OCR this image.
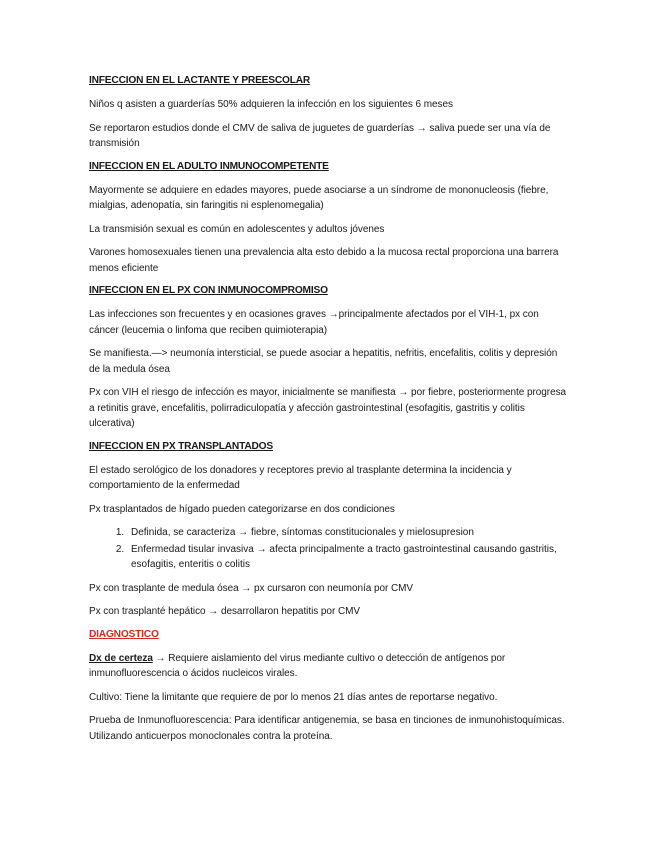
INFECCION EN EL LACTANTE Y PREESCOLAR
Niños q asisten a guarderías 50% adquieren la infección en los siguientes 6 meses
Se reportaron estudios donde el CMV de saliva de juguetes de guarderías → saliva puede ser una vía de transmisión
INFECCION EN EL ADULTO INMUNOCOMPETENTE
Mayormente se adquiere en edades mayores, puede asociarse a un síndrome de mononucleosis (fiebre, mialgias, adenopatía, sin faringitis ni esplenomegalia)
La transmisión sexual es común en adolescentes y adultos jóvenes
Varones homosexuales tienen una prevalencia alta esto debido a la mucosa rectal proporciona una barrera menos eficiente
INFECCION EN EL PX CON INMUNOCOMPROMISO
Las infecciones son frecuentes y en ocasiones graves →principalmente afectados por el VIH-1, px con cáncer (leucemia o linfoma que reciben quimioterapia)
Se manifiesta.—> neumonía intersticial, se puede asociar a hepatitis, nefritis, encefalitis, colitis y depresión de la medula ósea
Px con VIH el riesgo de infección es mayor, inicialmente se manifiesta → por fiebre, posteriormente progresa a retinitis grave, encefalitis, polirradiculopatía y afección gastrointestinal (esofagitis, gastritis y colitis ulcerativa)
INFECCION EN PX TRANSPLANTADOS
El estado serológico de los donadores y receptores previo al trasplante determina la incidencia y comportamiento de la enfermedad
Px trasplantados de hígado pueden categorizarse en dos condiciones
1. Definida, se caracteriza → fiebre, síntomas constitucionales y mielosupresion
2. Enfermedad tisular invasiva → afecta principalmente a tracto gastrointestinal causando gastritis, esofagitis, enteritis o colitis
Px con trasplante de medula ósea → px cursaron con neumonía por CMV
Px con trasplanté hepático → desarrollaron hepatitis por CMV
DIAGNOSTICO
Dx de certeza → Requiere aislamiento del virus mediante cultivo o detección de antígenos por inmunofluorescencia o ácidos nucleicos virales.
Cultivo: Tiene la limitante que requiere de por lo menos 21 días antes de reportarse negativo.
Prueba de Inmunofluorescencia: Para identificar antigenemia, se basa en tinciones de inmunohistoquímicas. Utilizando anticuerpos monoclonales contra la proteína.
